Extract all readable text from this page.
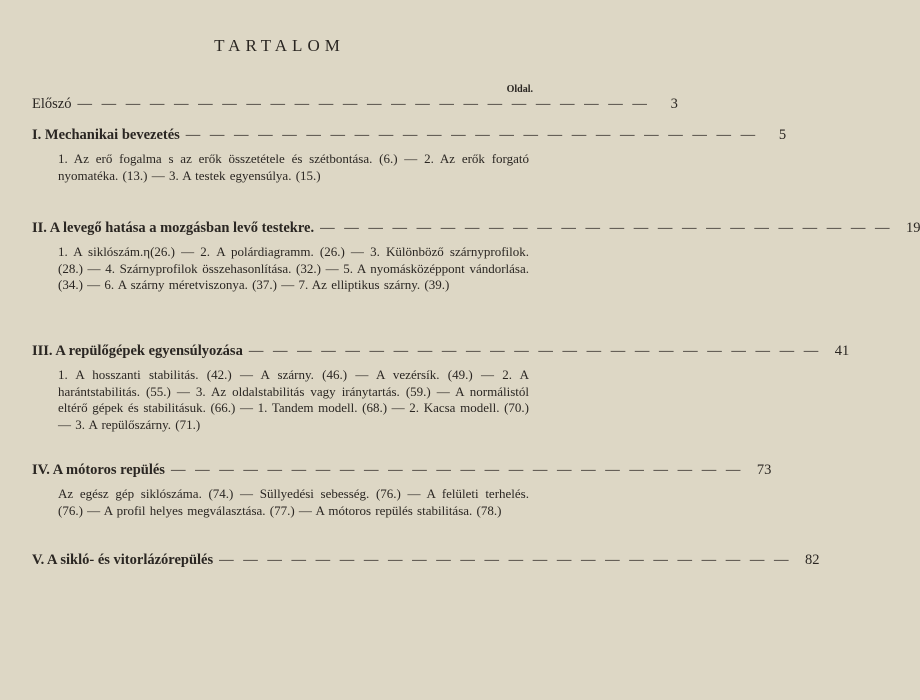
TARTALOM
Oldal.
Előszó — — — — — — — — — — — — — — — — — — — — — — — —	3
I. Mechanikai bevezetés — — — — — — — — — — — — — — — — — — — — — — — —	5
1. Az erő fogalma s az erők összetétele és szétbontása. (6.) — 2. Az erők forgató nyomatéka. (13.) — 3. A testek egyensúlya. (15.)
II. A levegő hatása a mozgásban levő testekre. — — — — — — — — — — — — — — — — — — — — — — — — 19
1. A siklószám.η(26.) — 2. A polárdiagramm. (26.) — 3. Különböző szárnyprofilok. (28.) — 4. Szárnyprofilok összehasonlítása. (32.) — 5. A nyomásközéppont vándorlása. (34.) — 6. A szárny méretviszonya. (37.) — 7. Az elliptikus szárny. (39.)
III. A repülőgépek egyensúlyozása — — — — — — — — — — — — — — — — — — — — — — — — 41
1. A hosszanti stabilitás. (42.) — A szárny. (46.) — A vezérsík. (49.) — 2. A harántstabilitás. (55.) — 3. Az oldalstabilitás vagy iránytartás. (59.) — A normálistól eltérő gépek és stabilitásuk. (66.) — 1. Tandem modell. (68.) — 2. Kacsa modell. (70.) — 3. A repülőszárny. (71.)
IV. A mótoros repülés — — — — — — — — — — — — — — — — — — — — — — — — 73
Az egész gép siklószáma. (74.) — Süllyedési sebesség. (76.) — A felületi terhelés. (76.) — A profil helyes megválasztása. (77.) — A mótoros repülés stabilitása. (78.)
V. A sikló- és vitorlázórepülés — — — — — — — — — — — — — — — — — — — — — — — — 82
